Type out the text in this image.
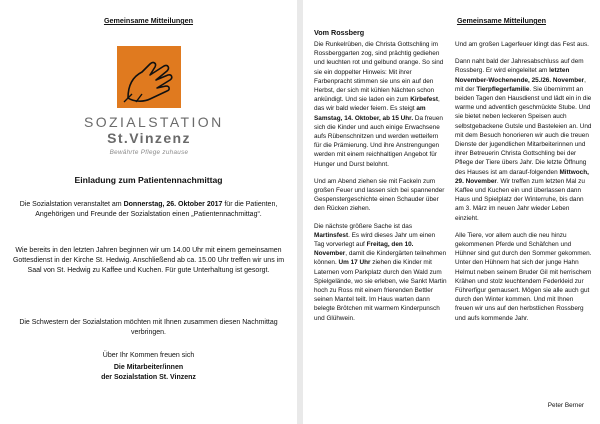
Gemeinsame Mitteilungen
SOZIALSTATION
St.Vinzenz
Bewährte Pflege zuhause
Einladung zum Patientennachmittag

Die Sozialstation veranstaltet am Donnerstag, 26. Oktober 2017 für die Patienten, Angehörigen und Freunde der Sozialstation einen „Patientennachmittag“.

Wie bereits in den letzten Jahren beginnen wir um 14.00 Uhr mit einem gemeinsamen Gottesdienst in der Kirche St. Hedwig. Anschließend ab ca. 15.00 Uhr treffen wir uns im Saal von St. Hedwig zu Kaffee und Kuchen. Für gute Unterhaltung ist gesorgt.

Die Schwestern der Sozialstation möchten mit Ihnen zusammen diesen Nachmittag verbringen.

Über Ihr Kommen freuen sich

Die Mitarbeiter/innen
der Sozialstation St. Vinzenz
Gemeinsame Mitteilungen
Vom Rossberg

Die Runkelrüben, die Christa Gottschling im Rossberggarten zog, sind prächtig gediehen und leuchten rot und gelbund orange. So sind sie ein doppelter Hinweis: Mit ihrer Farbenpracht stimmen sie uns ein auf den Herbst, der sich mit kühlen Nächten schon ankündigt. Und sie laden ein zum Kirbefest, das wir bald wieder feiern. Es steigt am Samstag, 14. Oktober, ab 15 Uhr. Da freuen sich die Kinder und auch einige Erwachsene aufs Rübenschnitzen und werden wetteifern für die Prämierung. Und ihre Anstrengungen werden mit einem reichhaltigen Angebot für Hunger und Durst belohnt.

Und am Abend ziehen sie mit Fackeln zum großen Feuer und lassen sich bei spannender Gespenstergeschichte einen Schauder über den Rücken ziehen.

Die nächste größere Sache ist das Martinsfest. Es wird dieses Jahr um einen Tag vorverlegt auf Freitag, den 10. November, damit die Kindergärten teilnehmen können. Um 17 Uhr ziehen die Kinder mit Laternen vom Parkplatz durch den Wald zum Spielgelände, wo sie erleben, wie Sankt Martin hoch zu Ross mit einem frierenden Bettler seinen Mantel teilt. Im Haus warten dann belegte Brötchen mit warmem Kinderpunsch und Glühwein.

Und am großen Lagerfeuer klingt das Fest aus.

Dann naht bald der Jahresabschluss auf dem Rossberg. Er wird eingeleitet am letzten November-Wochenende, 25./26. November, mit der Tierpflegerfamilie. Sie übernimmt an beiden Tagen den Hausdienst und lädt ein in die warme und adventlich geschmückte Stube. Und sie bietet neben leckeren Speisen auch selbstgebackene Gutsle und Basteleien an. Und mit dem Besuch honorieren wir auch die treuen Dienste der jugendlichen Mitarbeiterinnen und ihrer Betreuerin Christa Gottschling bei der Pflege der Tiere übers Jahr. Die letzte Öffnung des Hauses ist am darauf-folgenden Mittwoch, 29. November. Wir treffen zum letzten Mal zu Kaffee und Kuchen ein und überlassen dann Haus und Spielplatz der Winterruhe, bis dann am 3. März im neuen Jahr wieder Leben einzieht.

Alle Tiere, vor allem auch die neu hinzu gekommenen Pferde und Schäfchen und Hühner sind gut durch den Sommer gekommen. Unter den Hühnern hat sich der junge Hahn Helmut neben seinem Bruder Gil mit herrischem Krähen und stolz leuchtendem Federkleid zur Führerfigur gemausert. Mögen sie alle auch gut durch den Winter kommen. Und mit Ihnen freuen wir uns auf den herbstlichen Rossberg und aufs kommende Jahr.

Peter Berner
